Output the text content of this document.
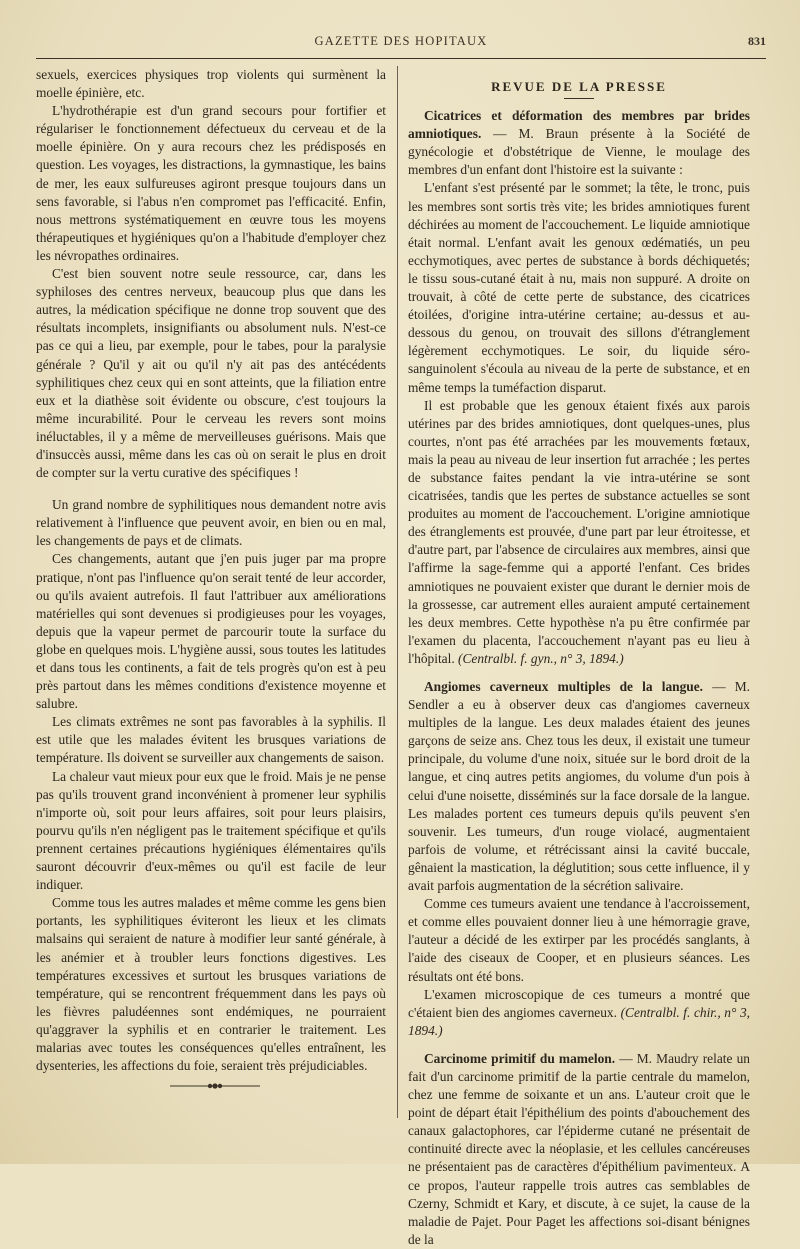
GAZETTE DES HOPITAUX	831

sexuels, exercices physiques trop violents qui surmènent la moelle épinière, etc.

L'hydrothérapie est d'un grand secours pour fortifier et régulariser le fonctionnement défectueux du cerveau et de la moelle épinière. On y aura recours chez les prédisposés en question. Les voyages, les distractions, la gymnastique, les bains de mer, les eaux sulfureuses agiront presque toujours dans un sens favorable, si l'abus n'en compromet pas l'efficacité. Enfin, nous mettrons systématiquement en œuvre tous les moyens thérapeutiques et hygiéniques qu'on a l'habitude d'employer chez les névropathes ordinaires.

C'est bien souvent notre seule ressource, car, dans les syphiloses des centres nerveux, beaucoup plus que dans les autres, la médication spécifique ne donne trop souvent que des résultats incomplets, insignifiants ou absolument nuls. N'est-ce pas ce qui a lieu, par exemple, pour le tabes, pour la paralysie générale ? Qu'il y ait ou qu'il n'y ait pas des antécédents syphilitiques chez ceux qui en sont atteints, que la filiation entre eux et la diathèse soit évidente ou obscure, c'est toujours la même incurabilité. Pour le cerveau les revers sont moins inéluctables, il y a même de merveilleuses guérisons. Mais que d'insuccès aussi, même dans les cas où on serait le plus en droit de compter sur la vertu curative des spécifiques !

Un grand nombre de syphilitiques nous demandent notre avis relativement à l'influence que peuvent avoir, en bien ou en mal, les changements de pays et de climats.

Ces changements, autant que j'en puis juger par ma propre pratique, n'ont pas l'influence qu'on serait tenté de leur accorder, ou qu'ils avaient autrefois. Il faut l'attribuer aux améliorations matérielles qui sont devenues si prodigieuses pour les voyages, depuis que la vapeur permet de parcourir toute la surface du globe en quelques mois. L'hygiène aussi, sous toutes les latitudes et dans tous les continents, a fait de tels progrès qu'on est à peu près partout dans les mêmes conditions d'existence moyenne et salubre.

Les climats extrêmes ne sont pas favorables à la syphilis. Il est utile que les malades évitent les brusques variations de température. Ils doivent se surveiller aux changements de saison.

La chaleur vaut mieux pour eux que le froid. Mais je ne pense pas qu'ils trouvent grand inconvénient à promener leur syphilis n'importe où, soit pour leurs affaires, soit pour leurs plaisirs, pourvu qu'ils n'en négligent pas le traitement spécifique et qu'ils prennent certaines précautions hygiéniques élémentaires qu'ils sauront découvrir d'eux-mêmes ou qu'il est facile de leur indiquer.

Comme tous les autres malades et même comme les gens bien portants, les syphilitiques éviteront les lieux et les climats malsains qui seraient de nature à modifier leur santé générale, à les anémier et à troubler leurs fonctions digestives. Les températures excessives et surtout les brusques variations de température, qui se rencontrent fréquemment dans les pays où les fièvres paludéennes sont endémiques, ne pourraient qu'aggraver la syphilis et en contrarier le traitement. Les malarias avec toutes les conséquences qu'elles entraînent, les dysenteries, les affections du foie, seraient très préjudiciables.

REVUE DE LA PRESSE

Cicatrices et déformation des membres par brides amniotiques. — M. Braun présente à la Société de gynécologie et d'obstétrique de Vienne, le moulage des membres d'un enfant dont l'histoire est la suivante :

L'enfant s'est présenté par le sommet; la tête, le tronc, puis les membres sont sortis très vite; les brides amniotiques furent déchirées au moment de l'accouchement. Le liquide amniotique était normal. L'enfant avait les genoux œdématiés, un peu ecchymotiques, avec pertes de substance à bords déchiquetés; le tissu sous-cutané était à nu, mais non suppuré. A droite on trouvait, à côté de cette perte de substance, des cicatrices étoilées, d'origine intra-utérine certaine; au-dessus et au-dessous du genou, on trouvait des sillons d'étranglement légèrement ecchymotiques. Le soir, du liquide séro-sanguinolent s'écoula au niveau de la perte de substance, et en même temps la tuméfaction disparut.

Il est probable que les genoux étaient fixés aux parois utérines par des brides amniotiques, dont quelques-unes, plus courtes, n'ont pas été arrachées par les mouvements fœtaux, mais la peau au niveau de leur insertion fut arrachée ; les pertes de substance faites pendant la vie intra-utérine se sont cicatrisées, tandis que les pertes de substance actuelles se sont produites au moment de l'accouchement. L'origine amniotique des étranglements est prouvée, d'une part par leur étroitesse, et d'autre part, par l'absence de circulaires aux membres, ainsi que l'affirme la sage-femme qui a apporté l'enfant. Ces brides amniotiques ne pouvaient exister que durant le dernier mois de la grossesse, car autrement elles auraient amputé certainement les deux membres. Cette hypothèse n'a pu être confirmée par l'examen du placenta, l'accouchement n'ayant pas eu lieu à l'hôpital. (Centralbl. f. gyn., n° 3, 1894.)

Angiomes caverneux multiples de la langue. — M. Sendler a eu à observer deux cas d'angiomes caverneux multiples de la langue. Les deux malades étaient des jeunes garçons de seize ans. Chez tous les deux, il existait une tumeur principale, du volume d'une noix, située sur le bord droit de la langue, et cinq autres petits angiomes, du volume d'un pois à celui d'une noisette, disséminés sur la face dorsale de la langue. Les malades portent ces tumeurs depuis qu'ils peuvent s'en souvenir. Les tumeurs, d'un rouge violacé, augmentaient parfois de volume, et rétrécissant ainsi la cavité buccale, gênaient la mastication, la déglutition; sous cette influence, il y avait parfois augmentation de la sécrétion salivaire.

Comme ces tumeurs avaient une tendance à l'accroissement, et comme elles pouvaient donner lieu à une hémorragie grave, l'auteur a décidé de les extirper par les procédés sanglants, à l'aide des ciseaux de Cooper, et en plusieurs séances. Les résultats ont été bons.

L'examen microscopique de ces tumeurs a montré que c'étaient bien des angiomes caverneux. (Centralbl. f. chir., n° 3, 1894.)

Carcinome primitif du mamelon. — M. Maudry relate un fait d'un carcinome primitif de la partie centrale du mamelon, chez une femme de soixante et un ans. L'auteur croit que le point de départ était l'épithélium des points d'abouchement des canaux galactophores, car l'épiderme cutané ne présentait de continuité directe avec la néoplasie, et les cellules cancéreuses ne présentaient pas de caractères d'épithélium pavimenteux. A ce propos, l'auteur rappelle trois autres cas semblables de Czerny, Schmidt et Kary, et discute, à ce sujet, la cause de la maladie de Pajet. Pour Paget les affections soi-disant bénignes de la
